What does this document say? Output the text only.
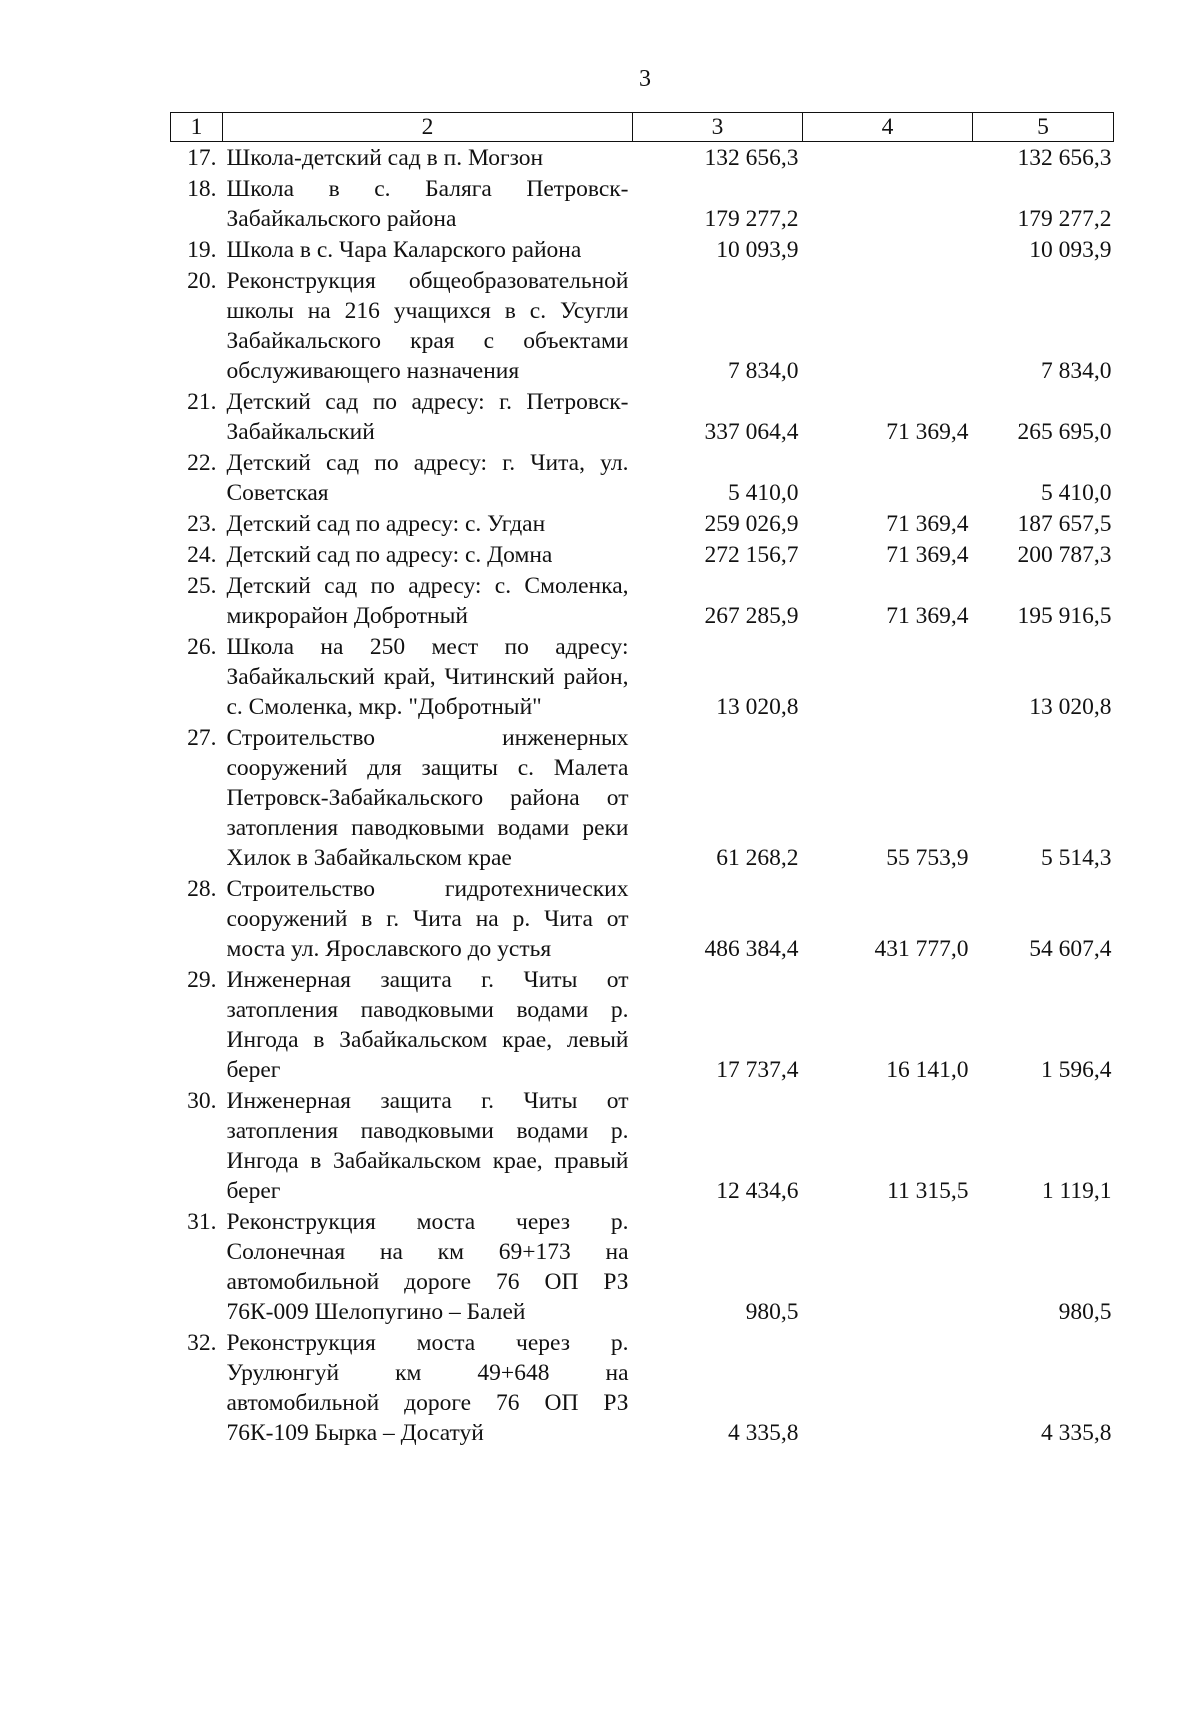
3
1	2	3	4	5
17.	Школа-детский сад в п. Могзон	132 656,3		132 656,3
18.	Школа в с. Баляга Петровск-Забайкальского района	179 277,2		179 277,2
19.	Школа в с. Чара Каларского района	10 093,9		10 093,9
20.	Реконструкция общеобразовательной школы на 216 учащихся в с. Усугли Забайкальского края с объектами обслуживающего назначения	7 834,0		7 834,0
21.	Детский сад по адресу: г. Петровск-Забайкальский	337 064,4	71 369,4	265 695,0
22.	Детский сад по адресу: г. Чита, ул. Советская	5 410,0		5 410,0
23.	Детский сад по адресу: с. Угдан	259 026,9	71 369,4	187 657,5
24.	Детский сад по адресу: с. Домна	272 156,7	71 369,4	200 787,3
25.	Детский сад по адресу: с. Смоленка, микрорайон Добротный	267 285,9	71 369,4	195 916,5
26.	Школа на 250 мест по адресу: Забайкальский край, Читинский район, с. Смоленка, мкр. "Добротный"	13 020,8		13 020,8
27.	Строительство инженерных сооружений для защиты с. Малета Петровск-Забайкальского района от затопления паводковыми водами реки Хилок в Забайкальском крае	61 268,2	55 753,9	5 514,3
28.	Строительство гидротехнических сооружений в г. Чита на р. Чита от моста ул. Ярославского до устья	486 384,4	431 777,0	54 607,4
29.	Инженерная защита г. Читы от затопления паводковыми водами р. Ингода в Забайкальском крае, левый берег	17 737,4	16 141,0	1 596,4
30.	Инженерная защита г. Читы от затопления паводковыми водами р. Ингода в Забайкальском крае, правый берег	12 434,6	11 315,5	1 119,1
31.	Реконструкция моста через р. Солонечная на км 69+173 на автомобильной дороге 76 ОП РЗ 76К-009 Шелопугино – Балей	980,5		980,5
32.	Реконструкция моста через р. Урулюнгуй км 49+648 на автомобильной дороге 76 ОП РЗ 76К-109 Бырка – Досатуй	4 335,8		4 335,8
